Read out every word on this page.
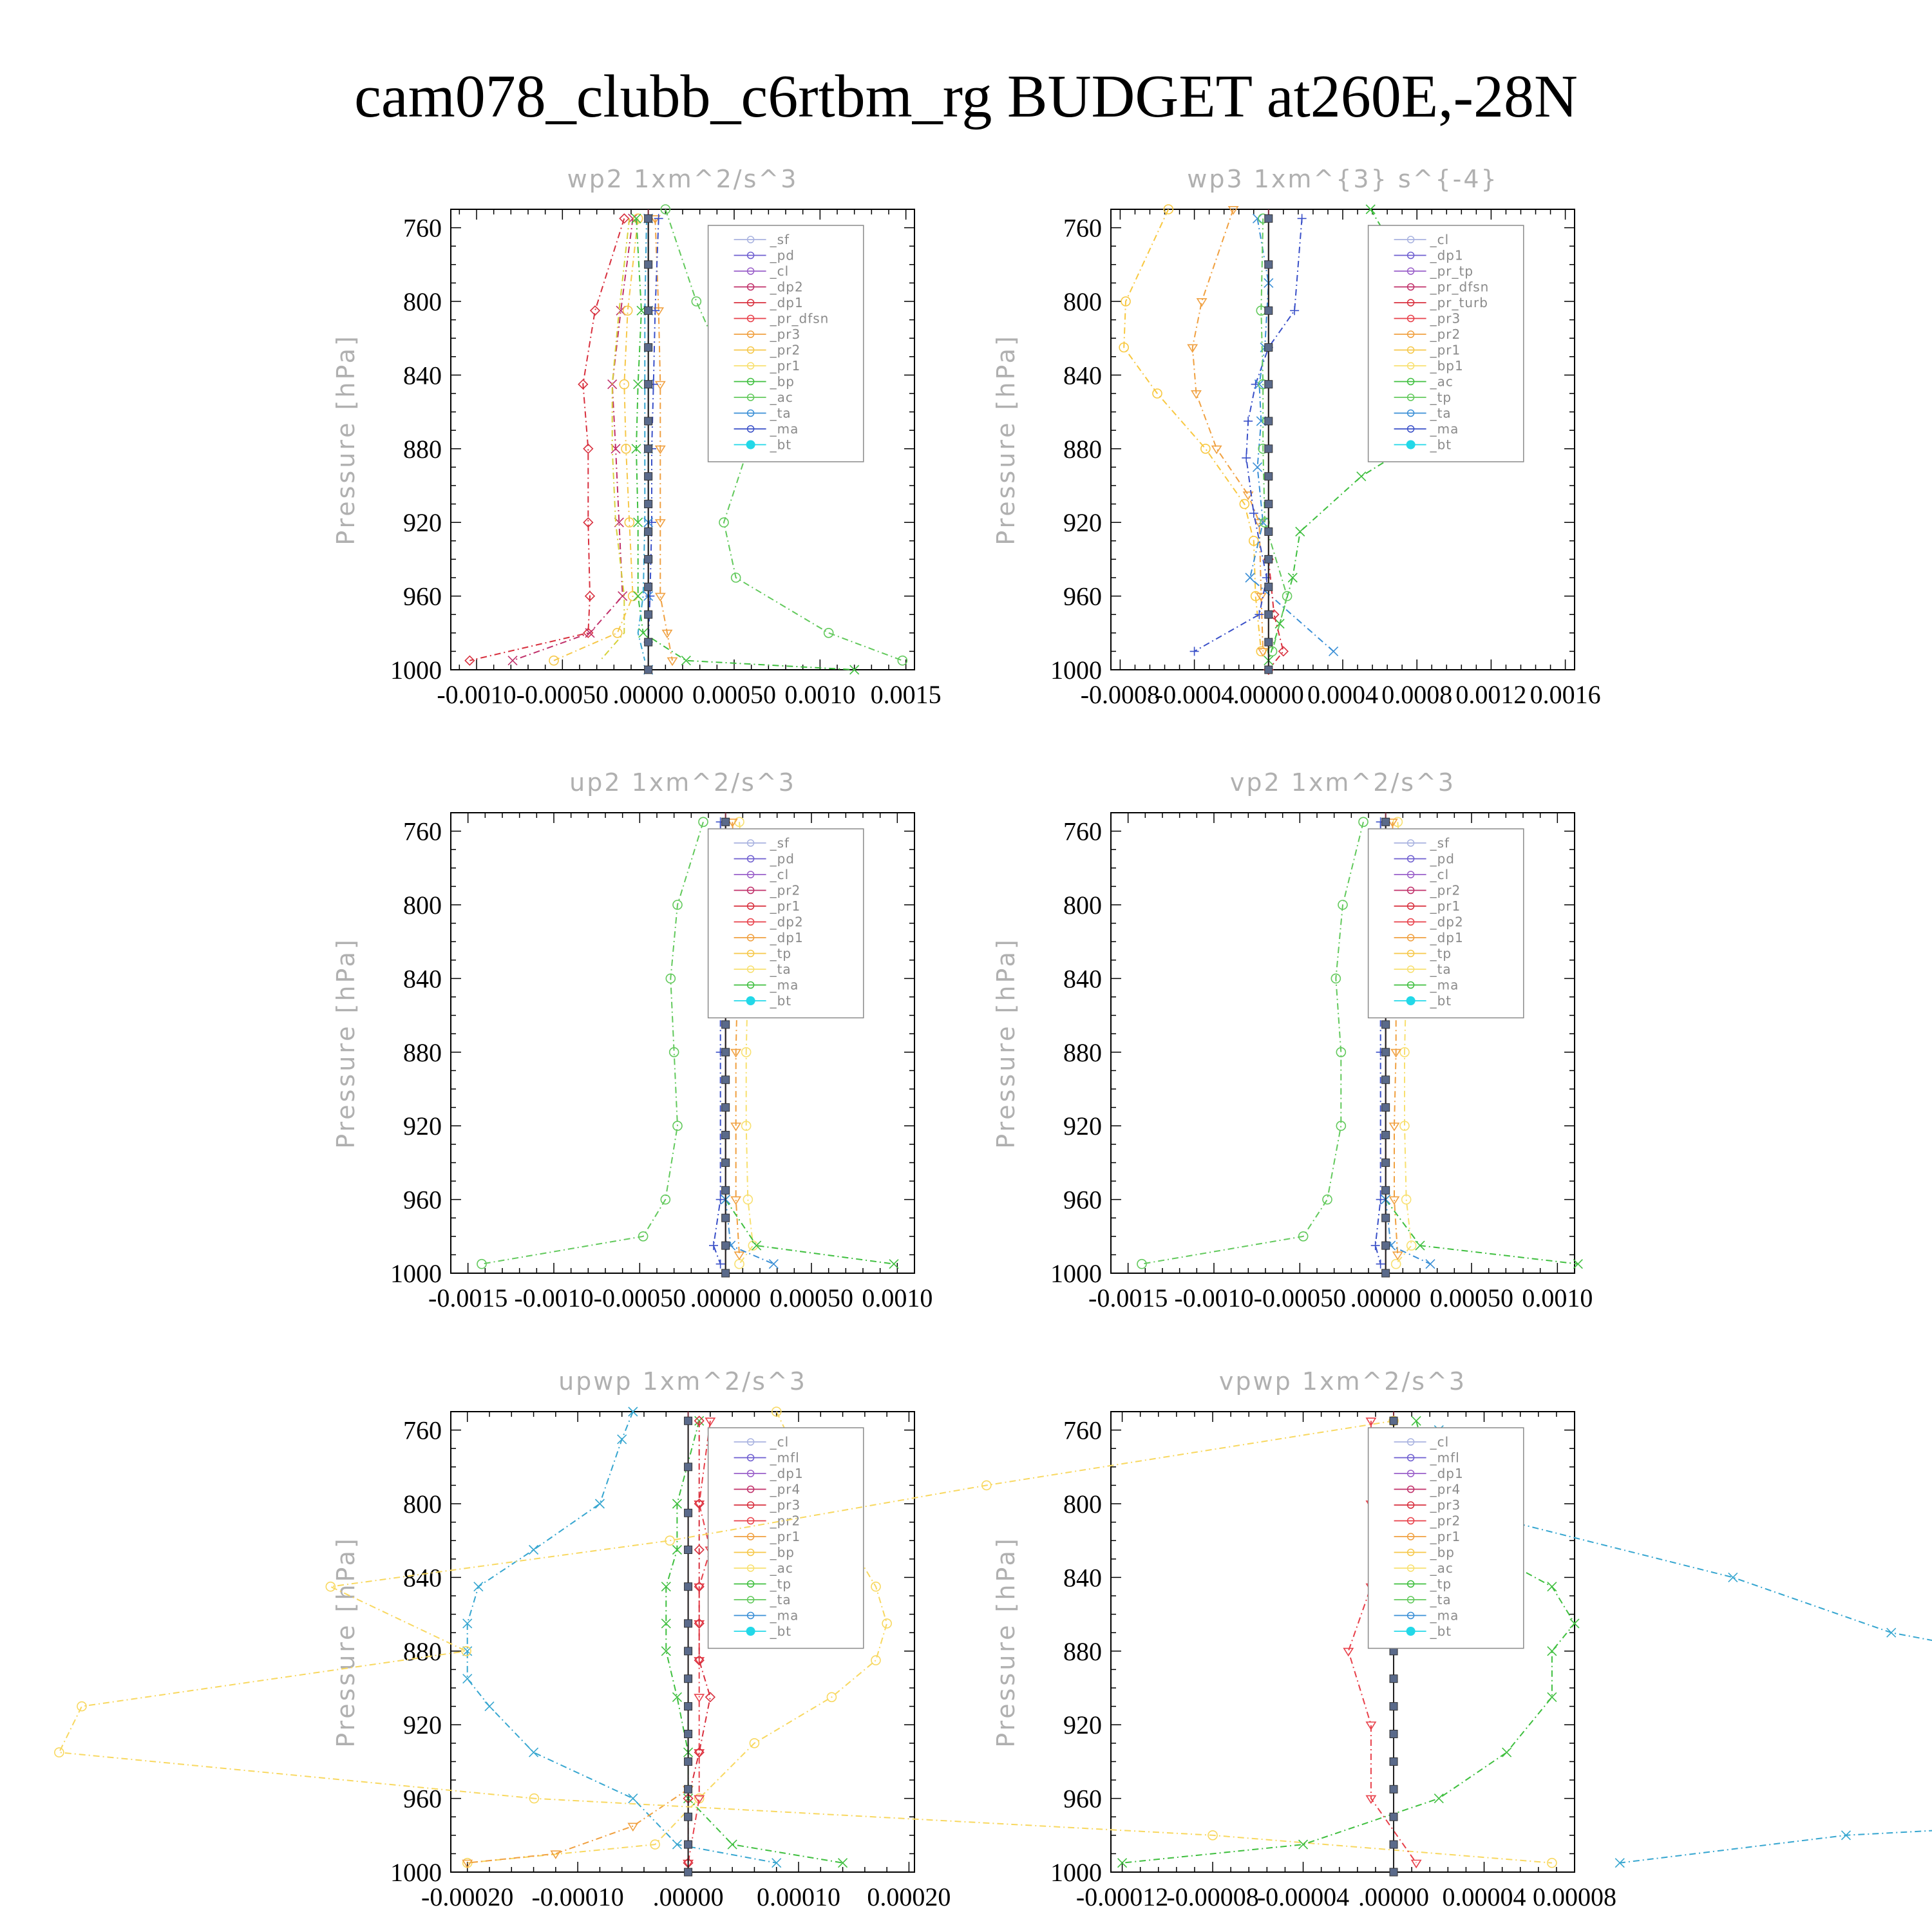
cam078_clubb_c6rtbm_rg BUDGET at260E,-28N
wp2 1xm^2/s^3
Pressure [hPa]
760
800
840
880
920
960
1000
-0.0010 -0.00050 .00000 0.00050 0.0010 0.0015
_sf
_pd
_cl
_dp2
_dp1
_pr_dfsn
_pr3
_pr2
_pr1
_bp
_ac
_ta
_ma
_bt
wp3 1xm^{3} s^{-4}
Pressure [hPa]
760
800
840
880
920
960
1000
-0.0008
-0.0004
.00000 0.0004 0.0008 0.0012 0.0016
_cl
_dp1
_pr_tp
_pr_dfsn
_pr_turb
_pr3
_pr2
_pr1
_bp1
_ac
_tp
_ta
_ma
_bt
up2 1xm^2/s^3
Pressure [hPa]
760
800
840
880
920
960
1000
-0.0015 -0.0010 -0.00050 .00000 0.00050 0.0010
_sf
_pd
_cl
_pr2
_pr1
_dp2
_dp1
_tp
_ta
_ma
_bt
vp2 1xm^2/s^3
Pressure [hPa]
760
800
840
880
920
960
1000
-0.0015 -0.0010 -0.00050 .00000 0.00050 0.0010
_sf
_pd
_cl
_pr2
_pr1
_dp2
_dp1
_tp
_ta
_ma
_bt
upwp 1xm^2/s^3
Pressure [hPa]
760
800
840
880
920
960
1000
-0.00020 -0.00010 .00000 0.00010 0.00020
_cl
_mfl
_dp1
_pr4
_pr3
_pr2
_pr1
_bp
_ac
_tp
_ta
_ma
_bt
vpwp 1xm^2/s^3
Pressure [hPa]
760
800
840
880
920
960
1000
-0.00012
-0.00008
-0.00004 .00000 0.00004 0.00008
_cl
_mfl
_dp1
_pr4
_pr3
_pr2
_pr1
_bp
_ac
_tp
_ta
_ma
_bt
